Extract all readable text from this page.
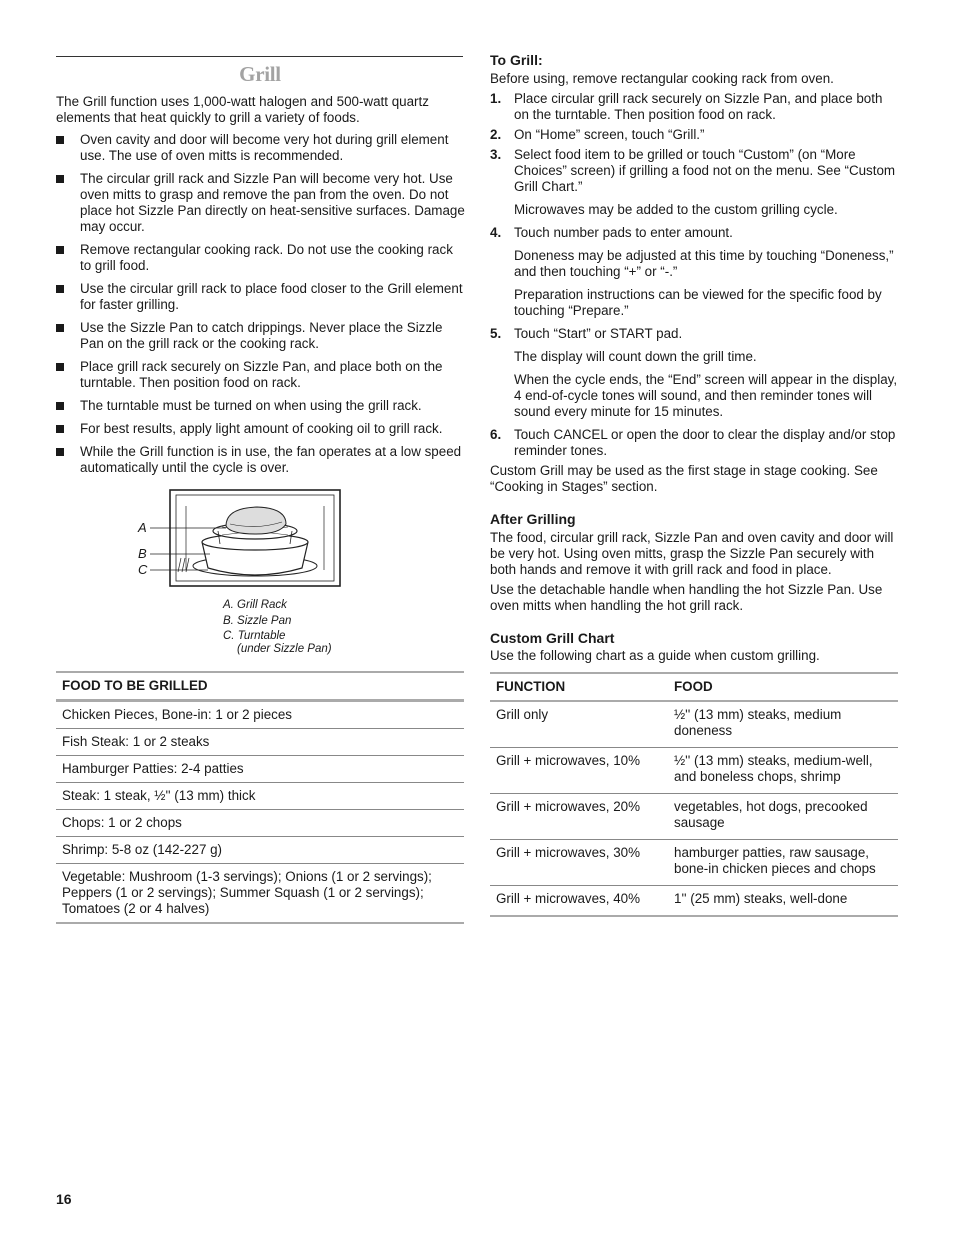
Grill

The Grill function uses 1,000-watt halogen and 500-watt quartz elements that heat quickly to grill a variety of foods.

Oven cavity and door will become very hot during grill element use. The use of oven mitts is recommended.
The circular grill rack and Sizzle Pan will become very hot. Use oven mitts to grasp and remove the pan from the oven. Do not place hot Sizzle Pan directly on heat-sensitive surfaces. Damage may occur.
Remove rectangular cooking rack. Do not use the cooking rack to grill food.
Use the circular grill rack to place food closer to the Grill element for faster grilling.
Use the Sizzle Pan to catch drippings. Never place the Sizzle Pan on the grill rack or the cooking rack.
Place grill rack securely on Sizzle Pan, and place both on the turntable. Then position food on rack.
The turntable must be turned on when using the grill rack.
For best results, apply light amount of cooking oil to grill rack.
While the Grill function is in use, the fan operates at a low speed automatically until the cycle is over.
A
B
C
A. Grill Rack
B. Sizzle Pan
C. Turntable
(under Sizzle Pan)
FOOD TO BE GRILLED
Chicken Pieces, Bone-in: 1 or 2 pieces
Fish Steak: 1 or 2 steaks
Hamburger Patties: 2-4 patties
Steak: 1 steak, ½'' (13 mm) thick
Chops: 1 or 2 chops
Shrimp: 5-8 oz (142-227 g)
Vegetable: Mushroom (1-3 servings); Onions (1 or 2 servings); Peppers (1 or 2 servings); Summer Squash (1 or 2 servings); Tomatoes (2 or 4 halves)

To Grill:

Before using, remove rectangular cooking rack from oven.

1. Place circular grill rack securely on Sizzle Pan, and place both on the turntable. Then position food on rack.
2. On “Home” screen, touch “Grill.”
3. Select food item to be grilled or touch “Custom” (on “More Choices” screen) if grilling a food not on the menu. See “Custom Grill Chart.”
Microwaves may be added to the custom grilling cycle.
4. Touch number pads to enter amount.
Doneness may be adjusted at this time by touching “Doneness,” and then touching “+” or “-.”
Preparation instructions can be viewed for the specific food by touching “Prepare.”
5. Touch “Start” or START pad.
The display will count down the grill time.
When the cycle ends, the “End” screen will appear in the display, 4 end-of-cycle tones will sound, and then reminder tones will sound every minute for 15 minutes.
6. Touch CANCEL or open the door to clear the display and/or stop reminder tones.

Custom Grill may be used as the first stage in stage cooking. See “Cooking in Stages” section.

After Grilling

The food, circular grill rack, Sizzle Pan and oven cavity and door will be very hot. Using oven mitts, grasp the Sizzle Pan securely with both hands and remove it with grill rack and food in place.

Use the detachable handle when handling the hot Sizzle Pan. Use oven mitts when handling the hot grill rack.

Custom Grill Chart

Use the following chart as a guide when custom grilling.

FUNCTION	FOOD
Grill only	½'' (13 mm) steaks, medium doneness
Grill + microwaves, 10%	½'' (13 mm) steaks, medium-well, and boneless chops, shrimp
Grill + microwaves, 20%	vegetables, hot dogs, precooked sausage
Grill + microwaves, 30%	hamburger patties, raw sausage, bone-in chicken pieces and chops
Grill + microwaves, 40%	1'' (25 mm) steaks, well-done
16
